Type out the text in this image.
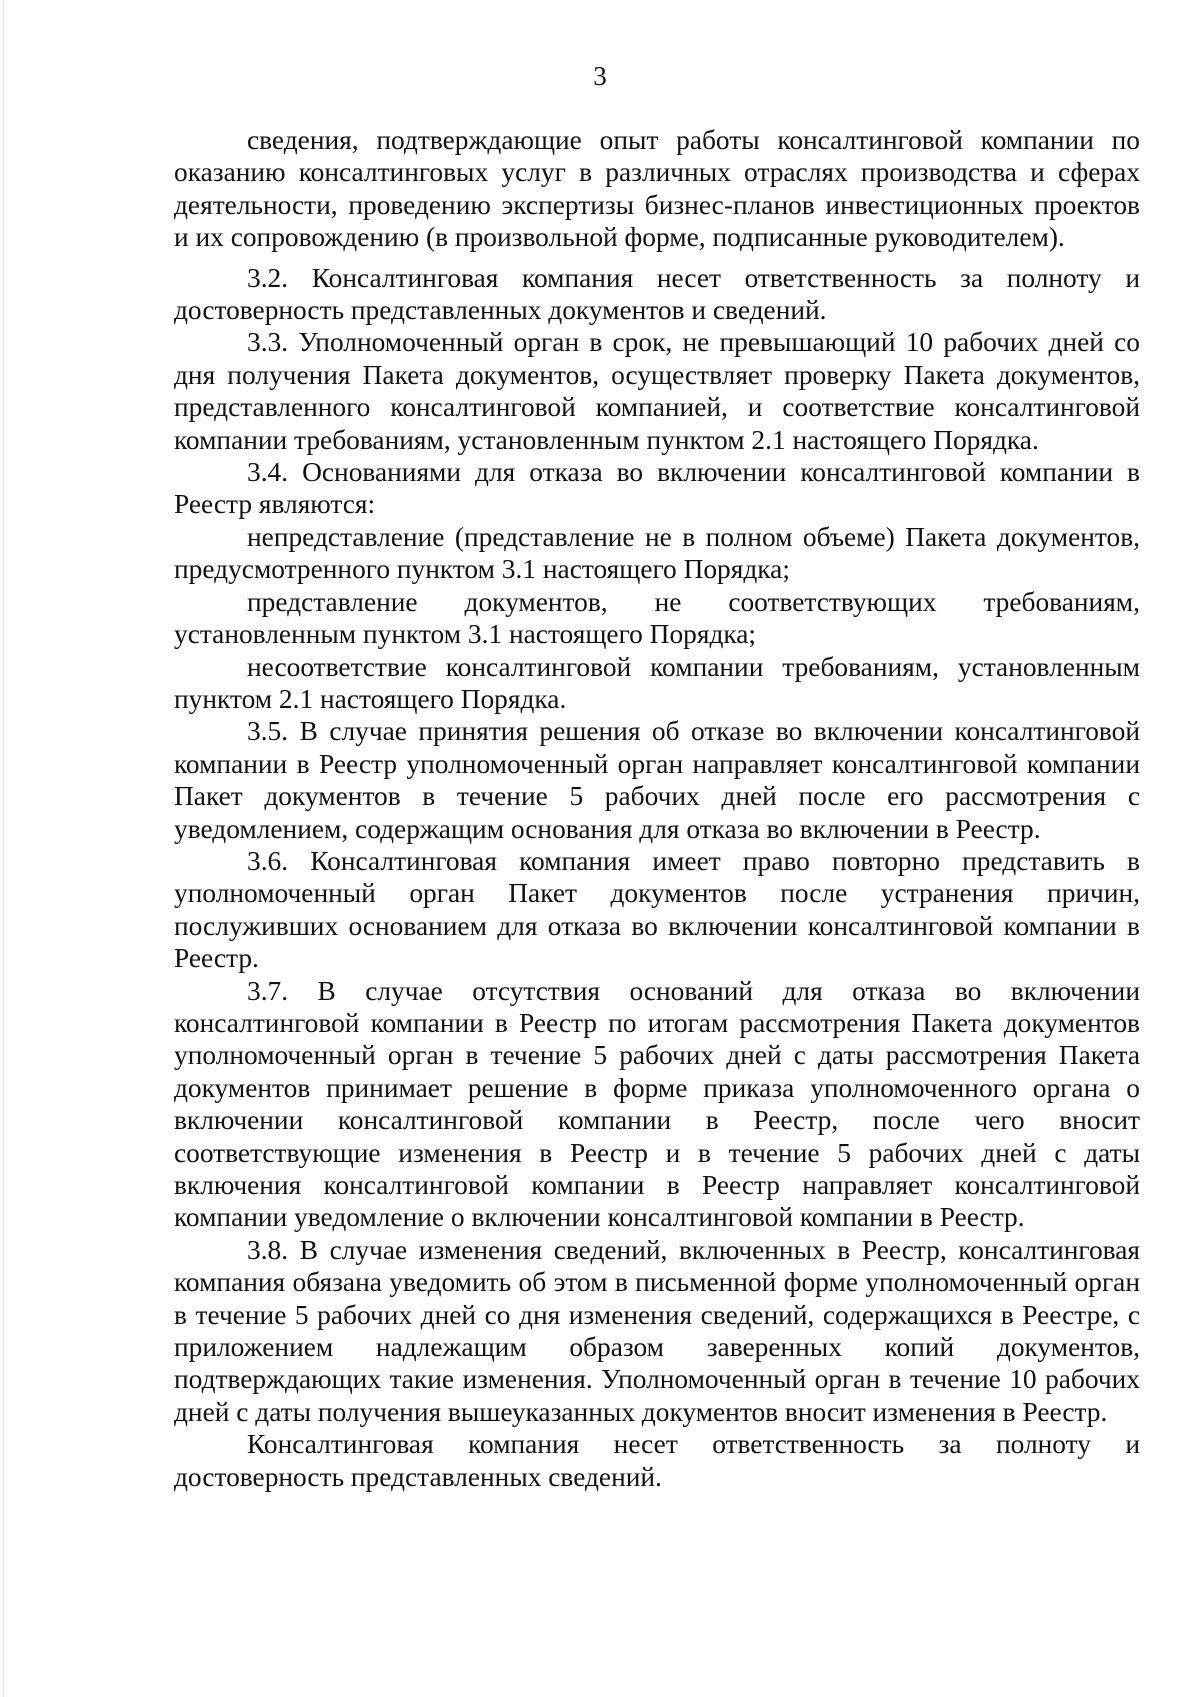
3

сведения, подтверждающие опыт работы консалтинговой компании по оказанию консалтинговых услуг в различных отраслях производства и сферах деятельности, проведению экспертизы бизнес-планов инвестиционных проектов и их сопровождению (в произвольной форме, подписанные руководителем).

3.2. Консалтинговая компания несет ответственность за полноту и достоверность представленных документов и сведений.

3.3. Уполномоченный орган в срок, не превышающий 10 рабочих дней со дня получения Пакета документов, осуществляет проверку Пакета документов, представленного консалтинговой компанией, и соответствие консалтинговой компании требованиям, установленным пунктом 2.1 настоящего Порядка.

3.4. Основаниями для отказа во включении консалтинговой компании в Реестр являются:

непредставление (представление не в полном объеме) Пакета документов, предусмотренного пунктом 3.1 настоящего Порядка;

представление документов, не соответствующих требованиям, установленным пунктом 3.1 настоящего Порядка;

несоответствие консалтинговой компании требованиям, установленным пунктом 2.1 настоящего Порядка.

3.5. В случае принятия решения об отказе во включении консалтинговой компании в Реестр уполномоченный орган направляет консалтинговой компании Пакет документов в течение 5 рабочих дней после его рассмотрения с уведомлением, содержащим основания для отказа во включении в Реестр.

3.6. Консалтинговая компания имеет право повторно представить в уполномоченный орган Пакет документов после устранения причин, послуживших основанием для отказа во включении консалтинговой компании в Реестр.

3.7. В случае отсутствия оснований для отказа во включении консалтинговой компании в Реестр по итогам рассмотрения Пакета документов уполномоченный орган в течение 5 рабочих дней с даты рассмотрения Пакета документов принимает решение в форме приказа уполномоченного органа о включении консалтинговой компании в Реестр, после чего вносит соответствующие изменения в Реестр и в течение 5 рабочих дней с даты включения консалтинговой компании в Реестр направляет консалтинговой компании уведомление о включении консалтинговой компании в Реестр.

3.8. В случае изменения сведений, включенных в Реестр, консалтинговая компания обязана уведомить об этом в письменной форме уполномоченный орган в течение 5 рабочих дней со дня изменения сведений, содержащихся в Реестре, с приложением надлежащим образом заверенных копий документов, подтверждающих такие изменения. Уполномоченный орган в течение 10 рабочих дней с даты получения вышеуказанных документов вносит изменения в Реестр.

Консалтинговая компания несет ответственность за полноту и достоверность представленных сведений.
